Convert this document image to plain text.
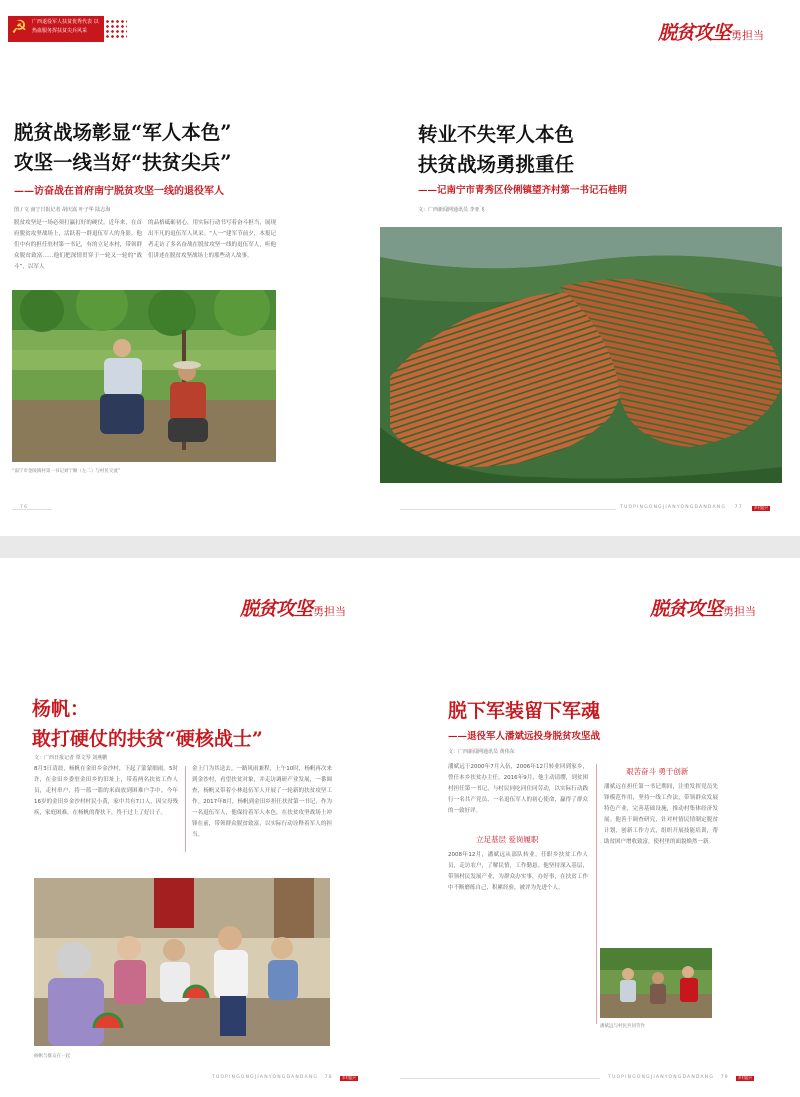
☭ 广西退役军人扶贫优秀代表 以热血服务挥扶贫尖兵风采
脱贫战场彰显“军人本色”
攻坚一线当好“扶贫尖兵”
——访奋战在首府南宁脱贫攻坚一线的退役军人
图 / 文 南宁日报记者 胡庆嵩 叶子华 陆志海
脱贫攻坚是一场必须打赢打好的硬仗。近年来，在首府脱贫攻坚战场上，活跃着一群退伍军人的身影。他们中有的担任驻村第一书记，有的立足本村，带领群众脱贫致富……他们把深情贯穿于一轮又一轮的“战斗”，以军人
的品格砥砺初心，用实际行动书写着奋斗担当，展现出不凡的退伍军人风采。“人一”建军节前夕，本报记者走访了多名奋战在脱贫攻坚一线的退伍军人，听他们讲述在脱贫攻坚战场上的那些动人故事。
“南宁市金陵镇村第一书记刘宁顺（左二）与村民交流”
76
脱贫攻坚勇担当
转业不失军人本色
扶贫战场勇挑重任
——记南宁市青秀区伶俐镇望齐村第一书记石桂明
文：广西新闻网通讯员 李亚飞
TUOPINGONGJIANYONGDANDANG 77	乡村振兴
脱贫攻坚勇担当
杨帆：
敢打硬仗的扶贫“硬核战士”
文：广西日报记者 覃文琴 刘燕鹏
8月3日清晨，杨帆在金田乡金沙村，下起了蒙蒙细雨。5时许，在金田乡委驻金田乡的旧址上，带着两名扶贫工作人员，走村串户，将一篮一篮的米面放到困难户手中。今年16岁的金田乡金沙村村民小黄，家中共有7口人，因父母残疾，家庭困难，在杨帆的帮扶下，终于过上了好日子。
金上门为其送去。一路风雨兼程，上午10时，杨帆再次来到金沙村，看望扶贫对象，并走访调研产业发展，一番调查，杨帆又带着小林退伍军人开展了一轮新的扶贫攻坚工作。2017年8月，杨帆到金田乡担任扶贫第一书记，作为一名退伍军人，他保持着军人本色，在扶贫攻坚战场上冲锋在前，带领群众脱贫致富，以实际行动诠释着军人的担当。
杨帆与群众在一起
TUOPINGONGJIANYONGDANDANG 78	乡村振兴
脱贫攻坚勇担当
脱下军装留下军魂
——退役军人潘斌远投身脱贫攻坚战
文：广西新闻网通讯员 黄伟东
潘斌远于2000年7月入伍，2006年12月转业回到家乡，曾任本乡扶贫办主任。2016年9月，他主动请缨，到贫困村担任第一书记，与村民同吃同住同劳动，以实际行动践行一名共产党员、一名退伍军人的初心使命，赢得了群众的一致好评。
立足基层 爱岗履职
2008年12月，潘斌远从部队转业，任职乡扶贫工作人员，走访农户，了解民情，工作勤恳。他坚持深入基层，带领村民发展产业，为群众办实事，办好事，在扶贫工作中不断磨练自己，积累经验，被评为先进个人。
艰苦奋斗 勇于创新
潘斌远在担任第一书记期间，注重发挥党员先锋模范作用，坚持一线工作法，带领群众发展特色产业，完善基础设施，推动村集体经济发展。他善于调查研究，针对村情民情制定脱贫计划，创新工作方式，组织开展技能培训，帮助贫困户增收致富，使村里的面貌焕然一新。
潘斌远与村民共同劳作
TUOPINGONGJIANYONGDANDANG 79	乡村振兴
